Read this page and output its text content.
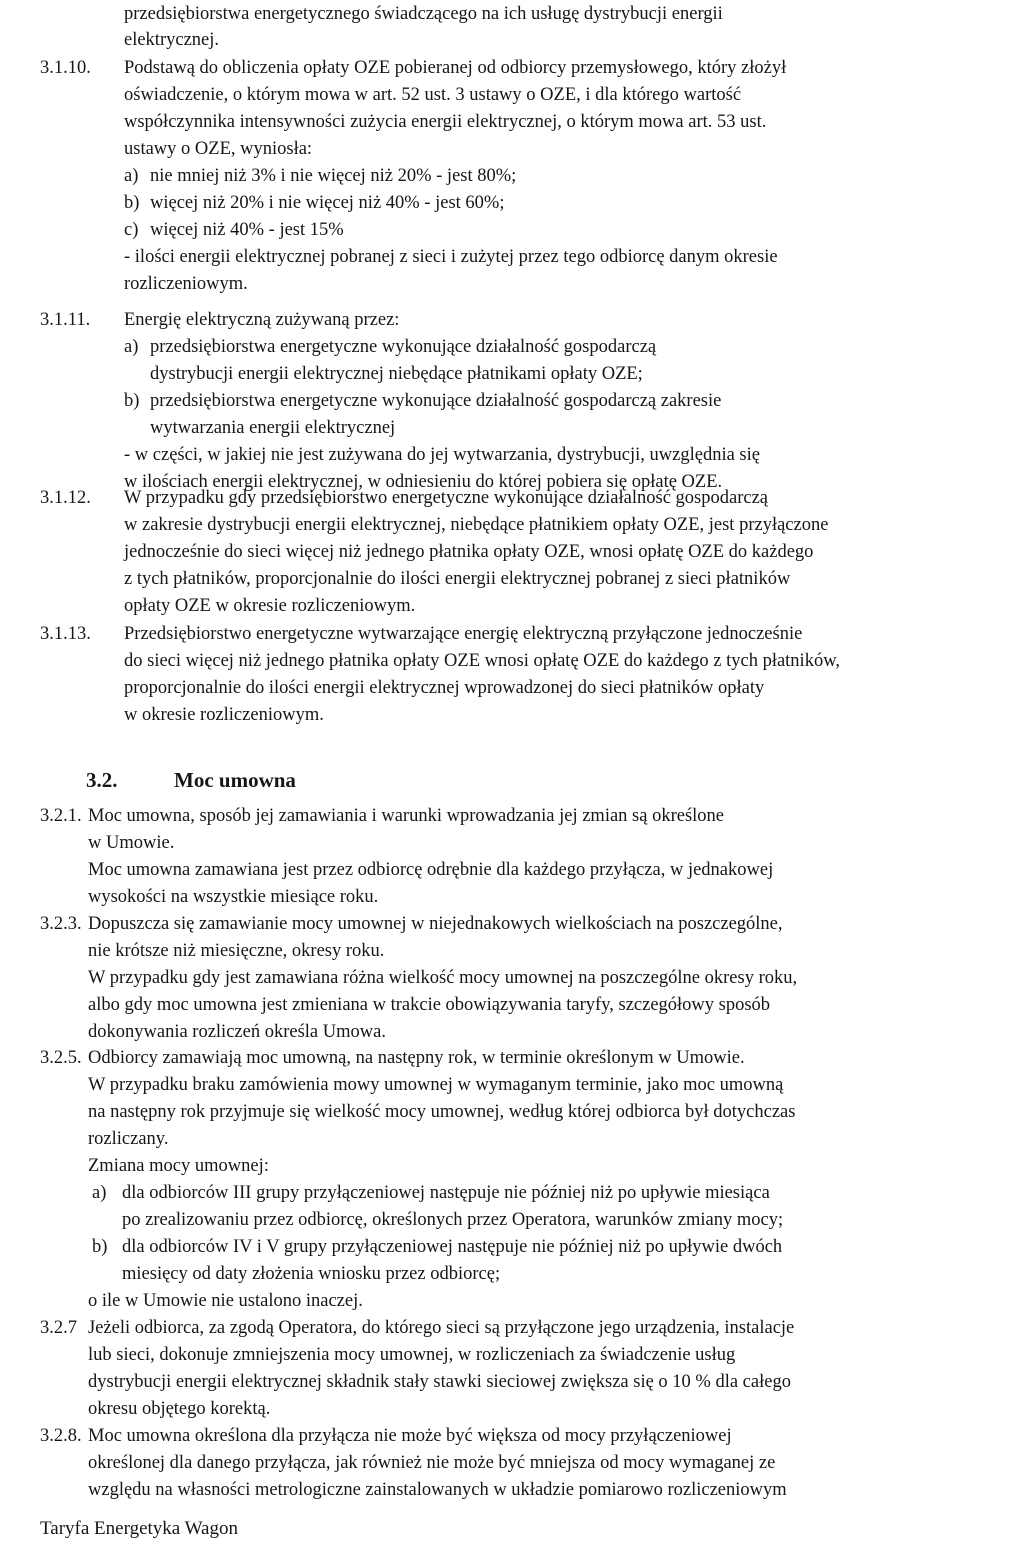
przedsiębiorstwa energetycznego świadczącego na ich usługę dystrybucji energii
elektrycznej.
3.1.10. Podstawą do obliczenia opłaty OZE pobieranej od odbiorcy przemysłowego, który złożył
oświadczenie, o którym mowa w art. 52 ust. 3 ustawy o OZE, i dla którego wartość
współczynnika intensywności zużycia energii elektrycznej, o którym mowa art. 53 ust.
ustawy o OZE, wyniosła:
a) nie mniej niż 3% i nie więcej niż 20% - jest 80%;
b) więcej niż 20% i nie więcej niż 40% - jest 60%;
c) więcej niż 40% - jest 15%
- ilości energii elektrycznej pobranej z sieci i zużytej przez tego odbiorcę danym okresie
rozliczeniowym.
3.1.11. Energię elektryczną zużywaną przez:
a) przedsiębiorstwa energetyczne wykonujące działalność gospodarczą
dystrybucji energii elektrycznej niebędące płatnikami opłaty OZE;
b) przedsiębiorstwa energetyczne wykonujące działalność gospodarczą zakresie
wytwarzania energii elektrycznej
- w części, w jakiej nie jest zużywana do jej wytwarzania, dystrybucji, uwzględnia się
w ilościach energii elektrycznej, w odniesieniu do której pobiera się opłatę OZE.
3.1.12. W przypadku gdy przedsiębiorstwo energetyczne wykonujące działalność gospodarczą
w zakresie dystrybucji energii elektrycznej, niebędące płatnikiem opłaty OZE, jest przyłączone
jednocześnie do sieci więcej niż jednego płatnika opłaty OZE, wnosi opłatę OZE do każdego
z tych płatników, proporcjonalnie do ilości energii elektrycznej pobranej z sieci płatników
opłaty OZE w okresie rozliczeniowym.
3.1.13. Przedsiębiorstwo energetyczne wytwarzające energię elektryczną przyłączone jednocześnie
do sieci więcej niż jednego płatnika opłaty OZE wnosi opłatę OZE do każdego z tych płatników,
proporcjonalnie do ilości energii elektrycznej wprowadzonej do sieci płatników opłaty
w okresie rozliczeniowym.
3.2.1. Moc umowna, sposób jej zamawiania i warunki wprowadzania jej zmian są określone
w Umowie.
Moc umowna zamawiana jest przez odbiorcę odrębnie dla każdego przyłącza, w jednakowej
wysokości na wszystkie miesiące roku.
3.2.3. Dopuszcza się zamawianie mocy umownej w niejednakowych wielkościach na poszczególne,
nie krótsze niż miesięczne, okresy roku.
W przypadku gdy jest zamawiana różna wielkość mocy umownej na poszczególne okresy roku,
albo gdy moc umowna jest zmieniana w trakcie obowiązywania taryfy, szczegółowy sposób
dokonywania rozliczeń określa Umowa.
3.2.5. Odbiorcy zamawiają moc umowną, na następny rok, w terminie określonym w Umowie.
W przypadku braku zamówienia mowy umownej w wymaganym terminie, jako moc umowną
na następny rok przyjmuje się wielkość mocy umownej, według której odbiorca był dotychczas
rozliczany.
Zmiana mocy umownej:
a) dla odbiorców III grupy przyłączeniowej następuje nie później niż po upływie miesiąca
po zrealizowaniu przez odbiorcę, określonych przez Operatora, warunków zmiany mocy;
b) dla odbiorców IV i V grupy przyłączeniowej następuje nie później niż po upływie dwóch
miesięcy od daty złożenia wniosku przez odbiorcę;
o ile w Umowie nie ustalono inaczej.
3.2.7 Jeżeli odbiorca, za zgodą Operatora, do którego sieci są przyłączone jego urządzenia, instalacje
lub sieci, dokonuje zmniejszenia mocy umownej, w rozliczeniach za świadczenie usług
dystrybucji energii elektrycznej składnik stały stawki sieciowej zwiększa się o 10 % dla całego
okresu objętego korektą.
3.2.8. Moc umowna określona dla przyłącza nie może być większa od mocy przyłączeniowej
określonej dla danego przyłącza, jak również nie może być mniejsza od mocy wymaganej ze
względu na własności metrologiczne zainstalowanych w układzie pomiarowo rozliczeniowym
3.2.	Moc umowna
Taryfa Energetyka Wagon
